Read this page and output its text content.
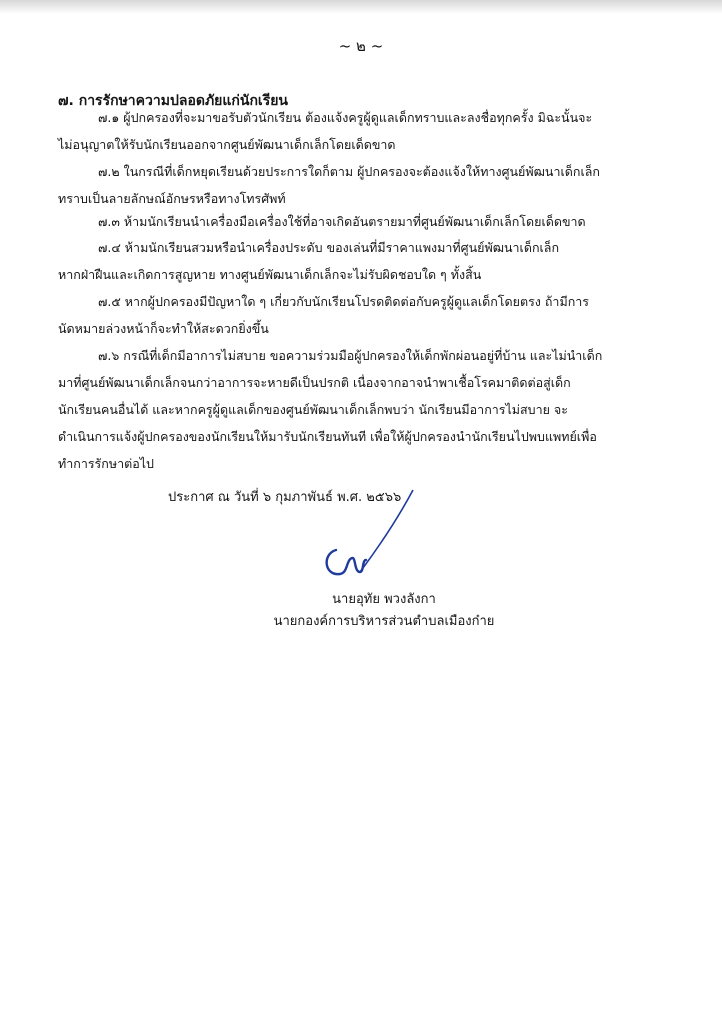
~ ๒ ~
๗. การรักษาความปลอดภัยแก่นักเรียน

๗.๑ ผู้ปกครองที่จะมาขอรับตัวนักเรียน ต้องแจ้งครูผู้ดูแลเด็กทราบและลงชื่อทุกครั้ง มิฉะนั้นจะ
ไม่อนุญาตให้รับนักเรียนออกจากศูนย์พัฒนาเด็กเล็กโดยเด็ดขาด

๗.๒ ในกรณีที่เด็กหยุดเรียนด้วยประการใดก็ตาม ผู้ปกครองจะต้องแจ้งให้ทางศูนย์พัฒนาเด็กเล็ก
ทราบเป็นลายลักษณ์อักษรหรือทางโทรศัพท์

๗.๓ ห้ามนักเรียนนำเครื่องมือเครื่องใช้ที่อาจเกิดอันตรายมาที่ศูนย์พัฒนาเด็กเล็กโดยเด็ดขาด

๗.๔ ห้ามนักเรียนสวมหรือนำเครื่องประดับ ของเล่นที่มีราคาแพงมาที่ศูนย์พัฒนาเด็กเล็ก
หากฝ่าฝืนและเกิดการสูญหาย ทางศูนย์พัฒนาเด็กเล็กจะไม่รับผิดชอบใด ๆ ทั้งสิ้น

๗.๕ หากผู้ปกครองมีปัญหาใด ๆ เกี่ยวกับนักเรียนโปรดติดต่อกับครูผู้ดูแลเด็กโดยตรง ถ้ามีการ
นัดหมายล่วงหน้าก็จะทำให้สะดวกยิ่งขึ้น

๗.๖ กรณีที่เด็กมีอาการไม่สบาย ขอความร่วมมือผู้ปกครองให้เด็กพักผ่อนอยู่ที่บ้าน และไม่นำเด็ก
มาที่ศูนย์พัฒนาเด็กเล็กจนกว่าอาการจะหายดีเป็นปรกติ เนื่องจากอาจนำพาเชื้อโรคมาติดต่อสู่เด็ก
นักเรียนคนอื่นได้ และหากครูผู้ดูแลเด็กของศูนย์พัฒนาเด็กเล็กพบว่า นักเรียนมีอาการไม่สบาย จะ
ดำเนินการแจ้งผู้ปกครองของนักเรียนให้มารับนักเรียนทันที เพื่อให้ผู้ปกครองนำนักเรียนไปพบแพทย์เพื่อ
ทำการรักษาต่อไป

ประกาศ ณ วันที่ ๖ กุมภาพันธ์ พ.ศ. ๒๕๖๖
นายอุทัย พวงลังกา
นายกองค์การบริหารส่วนตำบลเมืองก๋าย
